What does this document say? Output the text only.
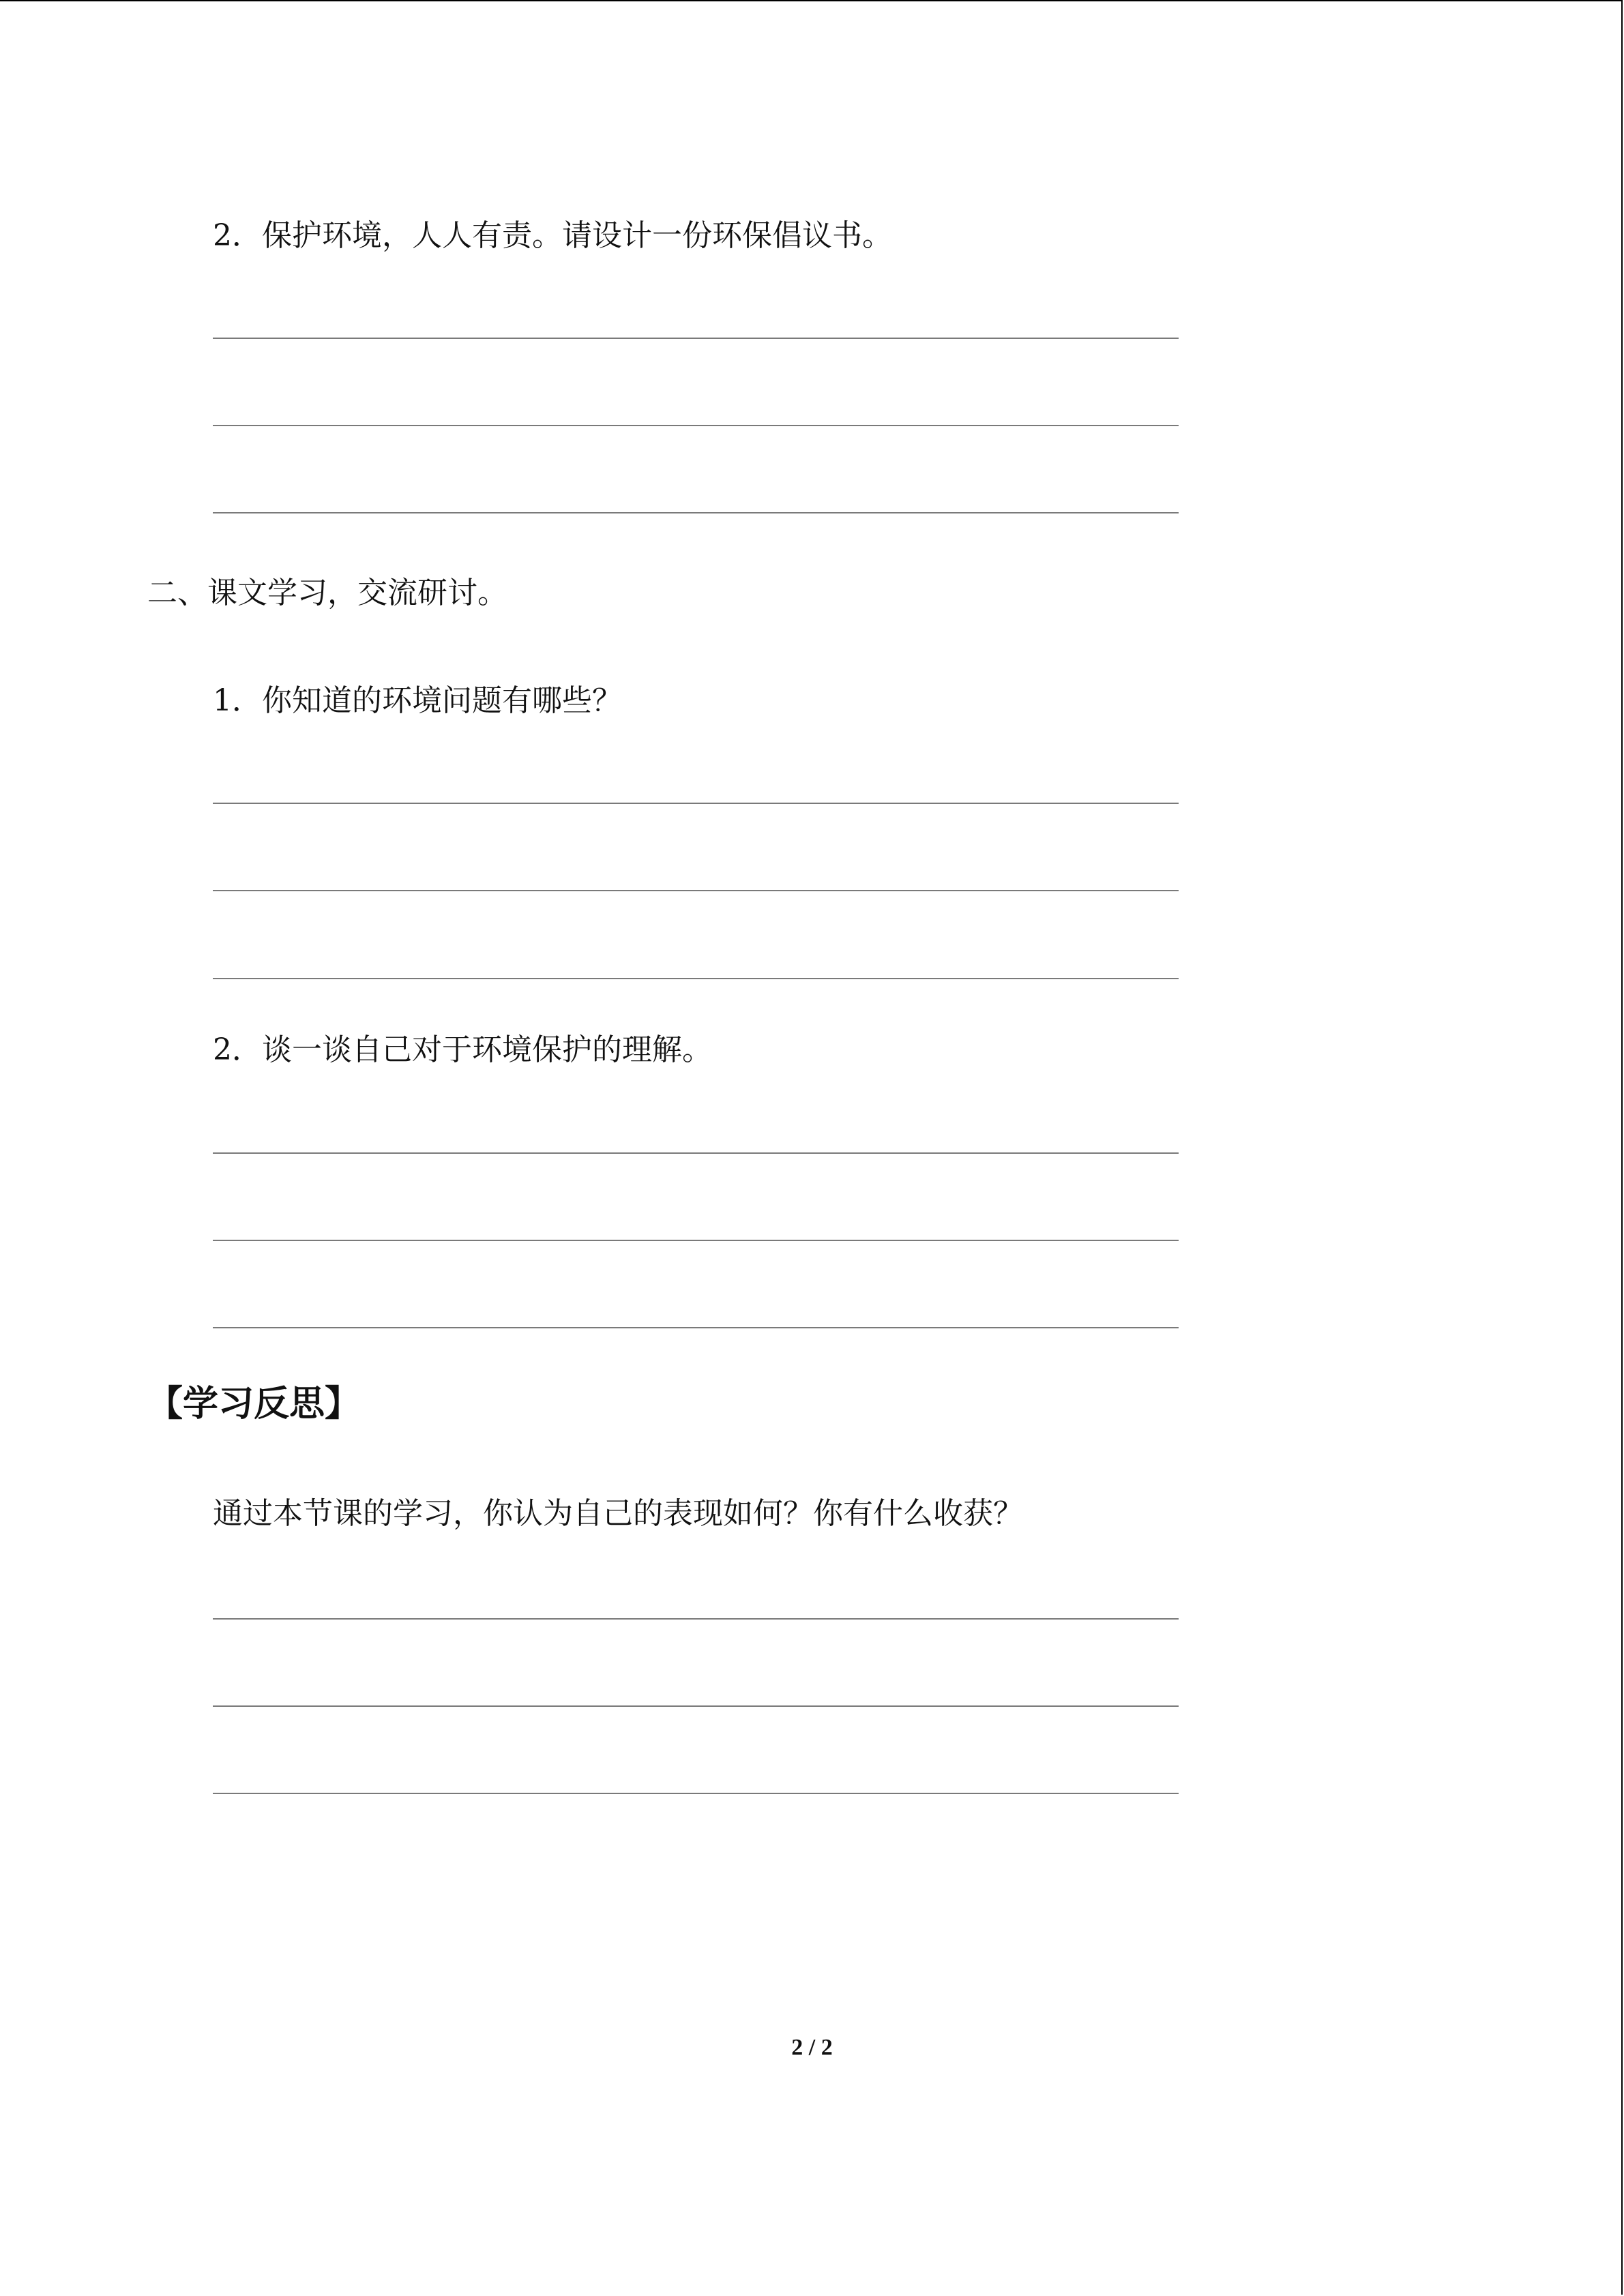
2．保护环境，人人有责。请设计一份环保倡议书。
二、课文学习，交流研讨。
1．你知道的环境问题有哪些？
2．谈一谈自己对于环境保护的理解。
【学习反思】
通过本节课的学习，你认为自己的表现如何？你有什么收获？
2 / 2
